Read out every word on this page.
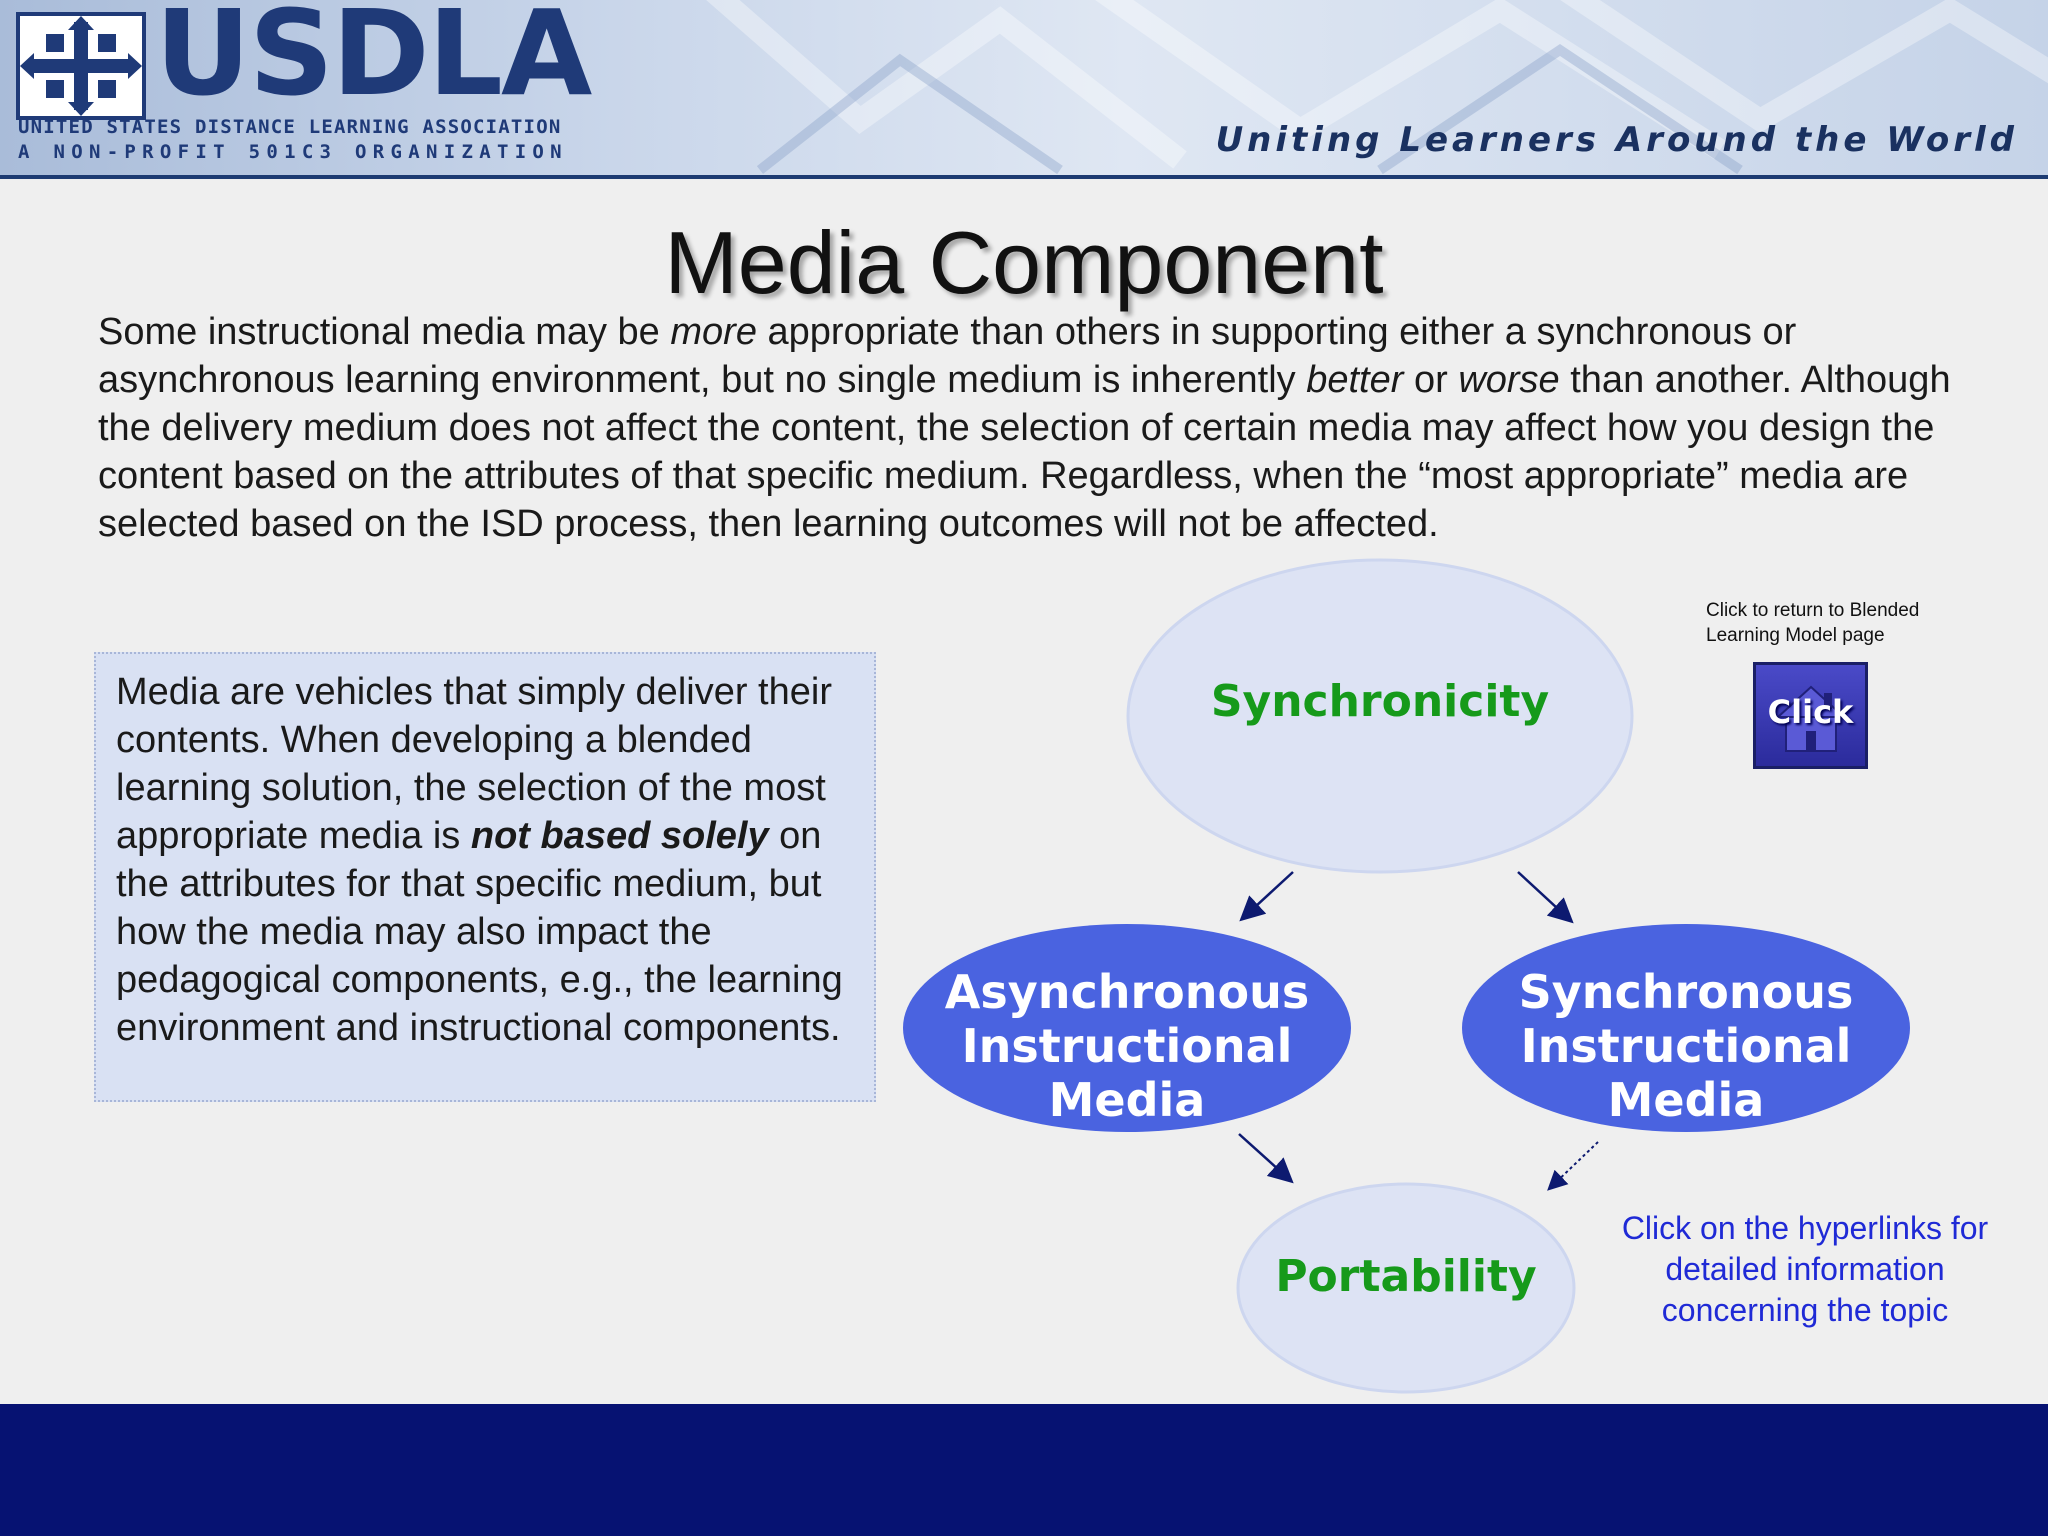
USDLA

UNITED STATES DISTANCE LEARNING ASSOCIATION

A NON-PROFIT 501C3 ORGANIZATION	Uniting Learners Around the World

Media Component

Some instructional media may be more appropriate than others in supporting either a synchronous or asynchronous learning environment, but no single medium is inherently better or worse than another. Although the delivery medium does not affect the content, the selection of certain media may affect how you design the content based on the attributes of that specific medium. Regardless, when the “most appropriate” media are selected based on the ISD process, then learning outcomes will not be affected.

Media are vehicles that simply deliver their contents. When developing a blended learning solution, the selection of the most appropriate media is not based solely on the attributes for that specific medium, but how the media may also impact the pedagogical components, e.g., the learning environment and instructional components.

Synchronicity

Asynchronous Instructional Media

Synchronous Instructional Media

Portability

Click to return to Blended Learning Model page

Click

Click on the hyperlinks for detailed information concerning the topic
